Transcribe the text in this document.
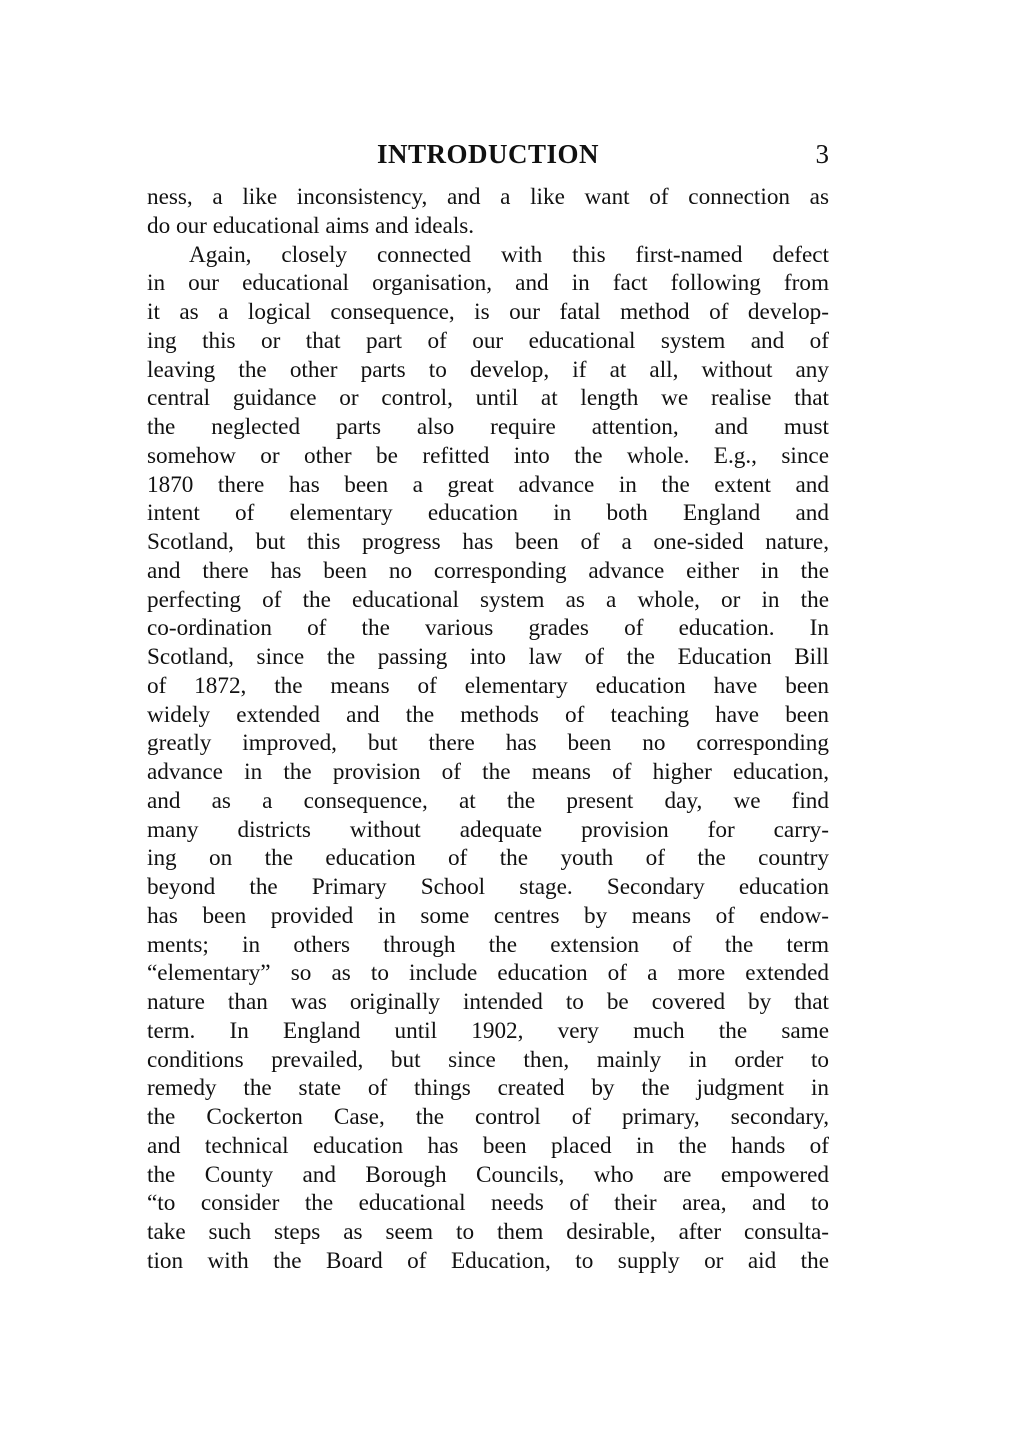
INTRODUCTION	3
ness, a like inconsistency, and a like want of connection as
do our educational aims and ideals.
Again, closely connected with this first-named defect
in our educational organisation, and in fact following from
it as a logical consequence, is our fatal method of develop-
ing this or that part of our educational system and of
leaving the other parts to develop, if at all, without any
central guidance or control, until at length we realise that
the neglected parts also require attention, and must
somehow or other be refitted into the whole. E.g., since
1870 there has been a great advance in the extent and
intent of elementary education in both England and
Scotland, but this progress has been of a one-sided nature,
and there has been no corresponding advance either in the
perfecting of the educational system as a whole, or in the
co-ordination of the various grades of education. In
Scotland, since the passing into law of the Education Bill
of 1872, the means of elementary education have been
widely extended and the methods of teaching have been
greatly improved, but there has been no corresponding
advance in the provision of the means of higher education,
and as a consequence, at the present day, we find
many districts without adequate provision for carry-
ing on the education of the youth of the country
beyond the Primary School stage. Secondary education
has been provided in some centres by means of endow-
ments; in others through the extension of the term
“elementary” so as to include education of a more extended
nature than was originally intended to be covered by that
term. In England until 1902, very much the same
conditions prevailed, but since then, mainly in order to
remedy the state of things created by the judgment in
the Cockerton Case, the control of primary, secondary,
and technical education has been placed in the hands of
the County and Borough Councils, who are empowered
“to consider the educational needs of their area, and to
take such steps as seem to them desirable, after consulta-
tion with the Board of Education, to supply or aid the
